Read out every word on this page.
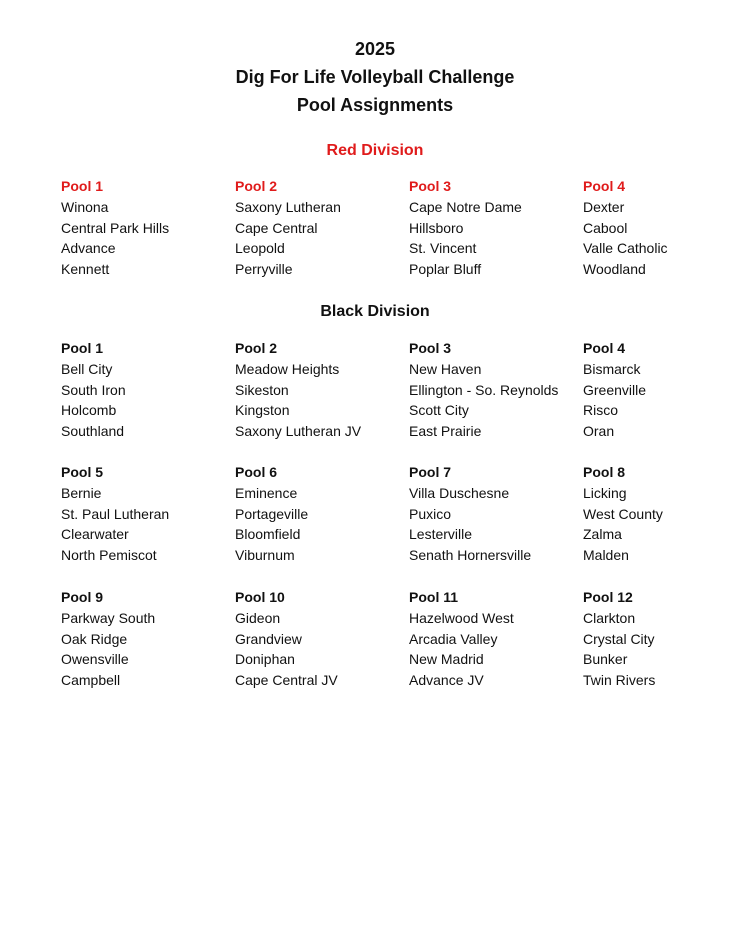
2025
Dig For Life Volleyball Challenge
Pool Assignments
Red Division
Pool 1
Winona
Central Park Hills
Advance
Kennett
Pool 2
Saxony Lutheran
Cape Central
Leopold
Perryville
Pool 3
Cape Notre Dame
Hillsboro
St. Vincent
Poplar Bluff
Pool 4
Dexter
Cabool
Valle Catholic
Woodland
Black Division
Pool 1
Bell City
South Iron
Holcomb
Southland
Pool 2
Meadow Heights
Sikeston
Kingston
Saxony Lutheran JV
Pool 3
New Haven
Ellington - So. Reynolds
Scott City
East Prairie
Pool 4
Bismarck
Greenville
Risco
Oran
Pool 5
Bernie
St. Paul Lutheran
Clearwater
North Pemiscot
Pool 6
Eminence
Portageville
Bloomfield
Viburnum
Pool 7
Villa Duschesne
Puxico
Lesterville
Senath Hornersville
Pool 8
Licking
West County
Zalma
Malden
Pool 9
Parkway South
Oak Ridge
Owensville
Campbell
Pool 10
Gideon
Grandview
Doniphan
Cape Central JV
Pool 11
Hazelwood West
Arcadia Valley
New Madrid
Advance JV
Pool 12
Clarkton
Crystal City
Bunker
Twin Rivers
